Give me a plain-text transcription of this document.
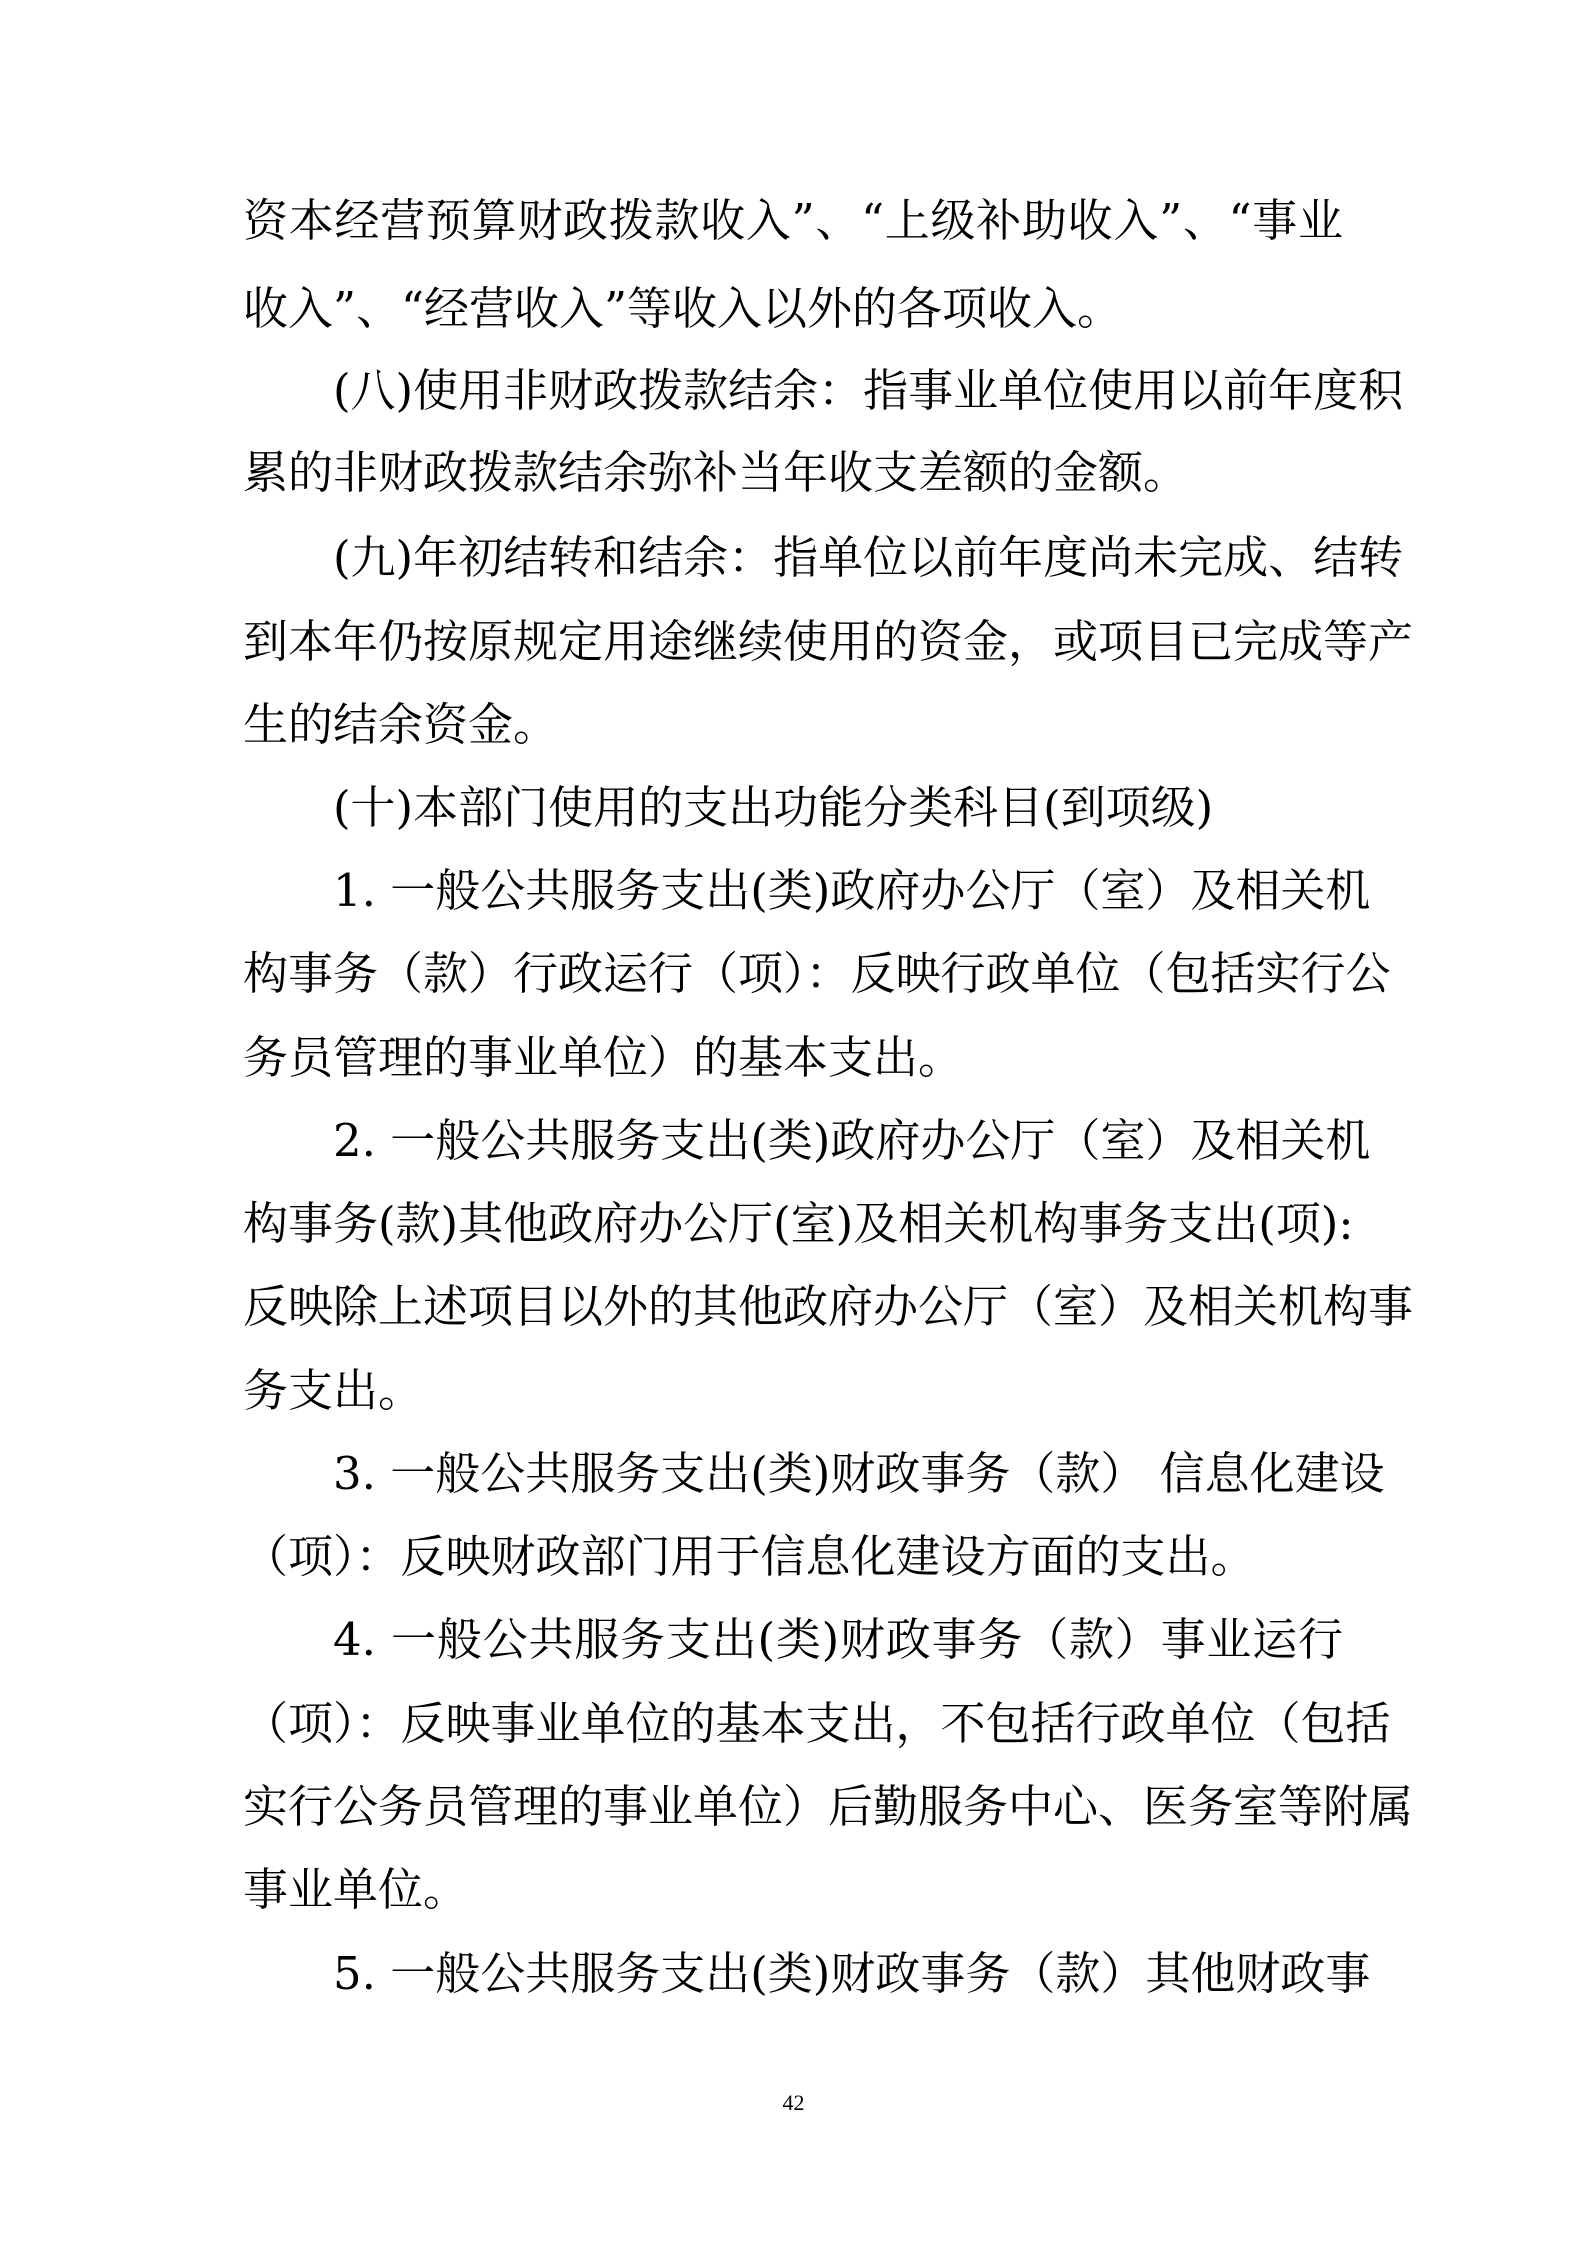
资本经营预算财政拨款收入”、“上级补助收入”、“事业
收入”、“经营收入”等收入以外的各项收入。
(八)使用非财政拨款结余：指事业单位使用以前年度积
累的非财政拨款结余弥补当年收支差额的金额。
(九)年初结转和结余：指单位以前年度尚未完成、结转
到本年仍按原规定用途继续使用的资金，或项目已完成等产
生的结余资金。
(十)本部门使用的支出功能分类科目(到项级)
1. 一般公共服务支出(类)政府办公厅（室）及相关机
构事务（款）行政运行（项）：反映行政单位（包括实行公
务员管理的事业单位）的基本支出。
2. 一般公共服务支出(类)政府办公厅（室）及相关机
构事务(款)其他政府办公厅(室)及相关机构事务支出(项):
反映除上述项目以外的其他政府办公厅（室）及相关机构事
务支出。
3. 一般公共服务支出(类)财政事务（款） 信息化建设
（项）：反映财政部门用于信息化建设方面的支出。
4. 一般公共服务支出(类)财政事务（款）事业运行
（项）：反映事业单位的基本支出，不包括行政单位（包括
实行公务员管理的事业单位）后勤服务中心、医务室等附属
事业单位。
5. 一般公共服务支出(类)财政事务（款）其他财政事
42
